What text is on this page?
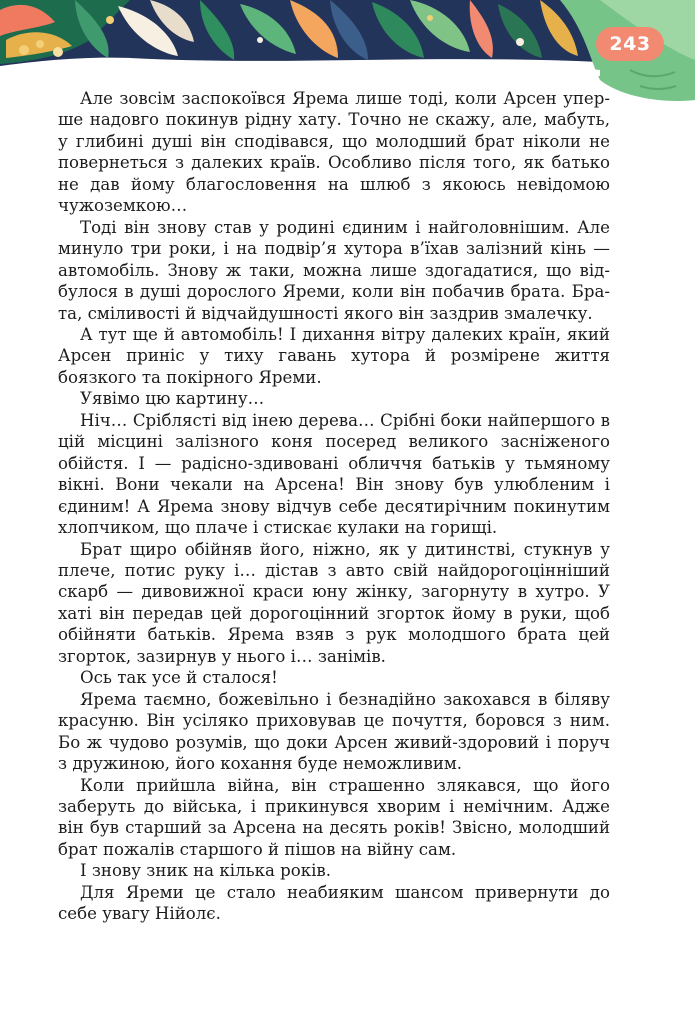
243

Але зовсім заспокоївся Ярема лише тоді, коли Арсен уперше надовго покинув рідну хату. Точно не скажу, але, мабуть, у глибині душі він сподівався, що молодший брат ніколи не повернеться з далеких країв. Особливо після того, як батько не дав йому благословення на шлюб з якоюсь невідомою чужоземкою…

Тоді він знову став у родині єдиним і найголовнішим. Але минуло три роки, і на подвір’я хутора в’їхав залізний кінь — автомобіль. Знову ж таки, можна лише здогадатися, що відбулося в душі дорослого Яреми, коли він побачив брата. Брата, сміливості й відчайдушності якого він заздрив змалечку.

А тут ще й автомобіль! І дихання вітру далеких країн, який Арсен приніс у тиху гавань хутора й розмірене життя боязкого та покірного Яреми.

Уявімо цю картину…

Ніч… Сріблясті від інею дерева… Срібні боки найпершого в цій місцині залізного коня посеред великого засніженого обійстя. І — радісно-здивовані обличчя батьків у тьмяному вікні. Вони чекали на Арсена! Він знову був улюбленим і єдиним! А Ярема знову відчув себе десятирічним покинутим хлопчиком, що плаче і стискає кулаки на горищі.

Брат щиро обійняв його, ніжно, як у дитинстві, стукнув у плече, потис руку і… дістав з авто свій найдорогоцінніший скарб — дивовижної краси юну жінку, загорнуту в хутро. У хаті він передав цей дорогоцінний згорток йому в руки, щоб обійняти батьків. Ярема взяв з рук молодшого брата цей згорток, зазирнув у нього і… занімів.

Ось так усе й сталося!

Ярема таємно, божевільно і безнадійно закохався в біляву красуню. Він усіляко приховував це почуття, боровся з ним. Бо ж чудово розумів, що доки Арсен живий-здоровий і поруч з дружиною, його кохання буде неможливим.

Коли прийшла війна, він страшенно злякався, що його заберуть до війська, і прикинувся хворим і немічним. Адже він був старший за Арсена на десять років! Звісно, молодший брат пожалів старшого й пішов на війну сам.

І знову зник на кілька років.

Для Яреми це стало неабияким шансом привернути до себе увагу Нійолє.
